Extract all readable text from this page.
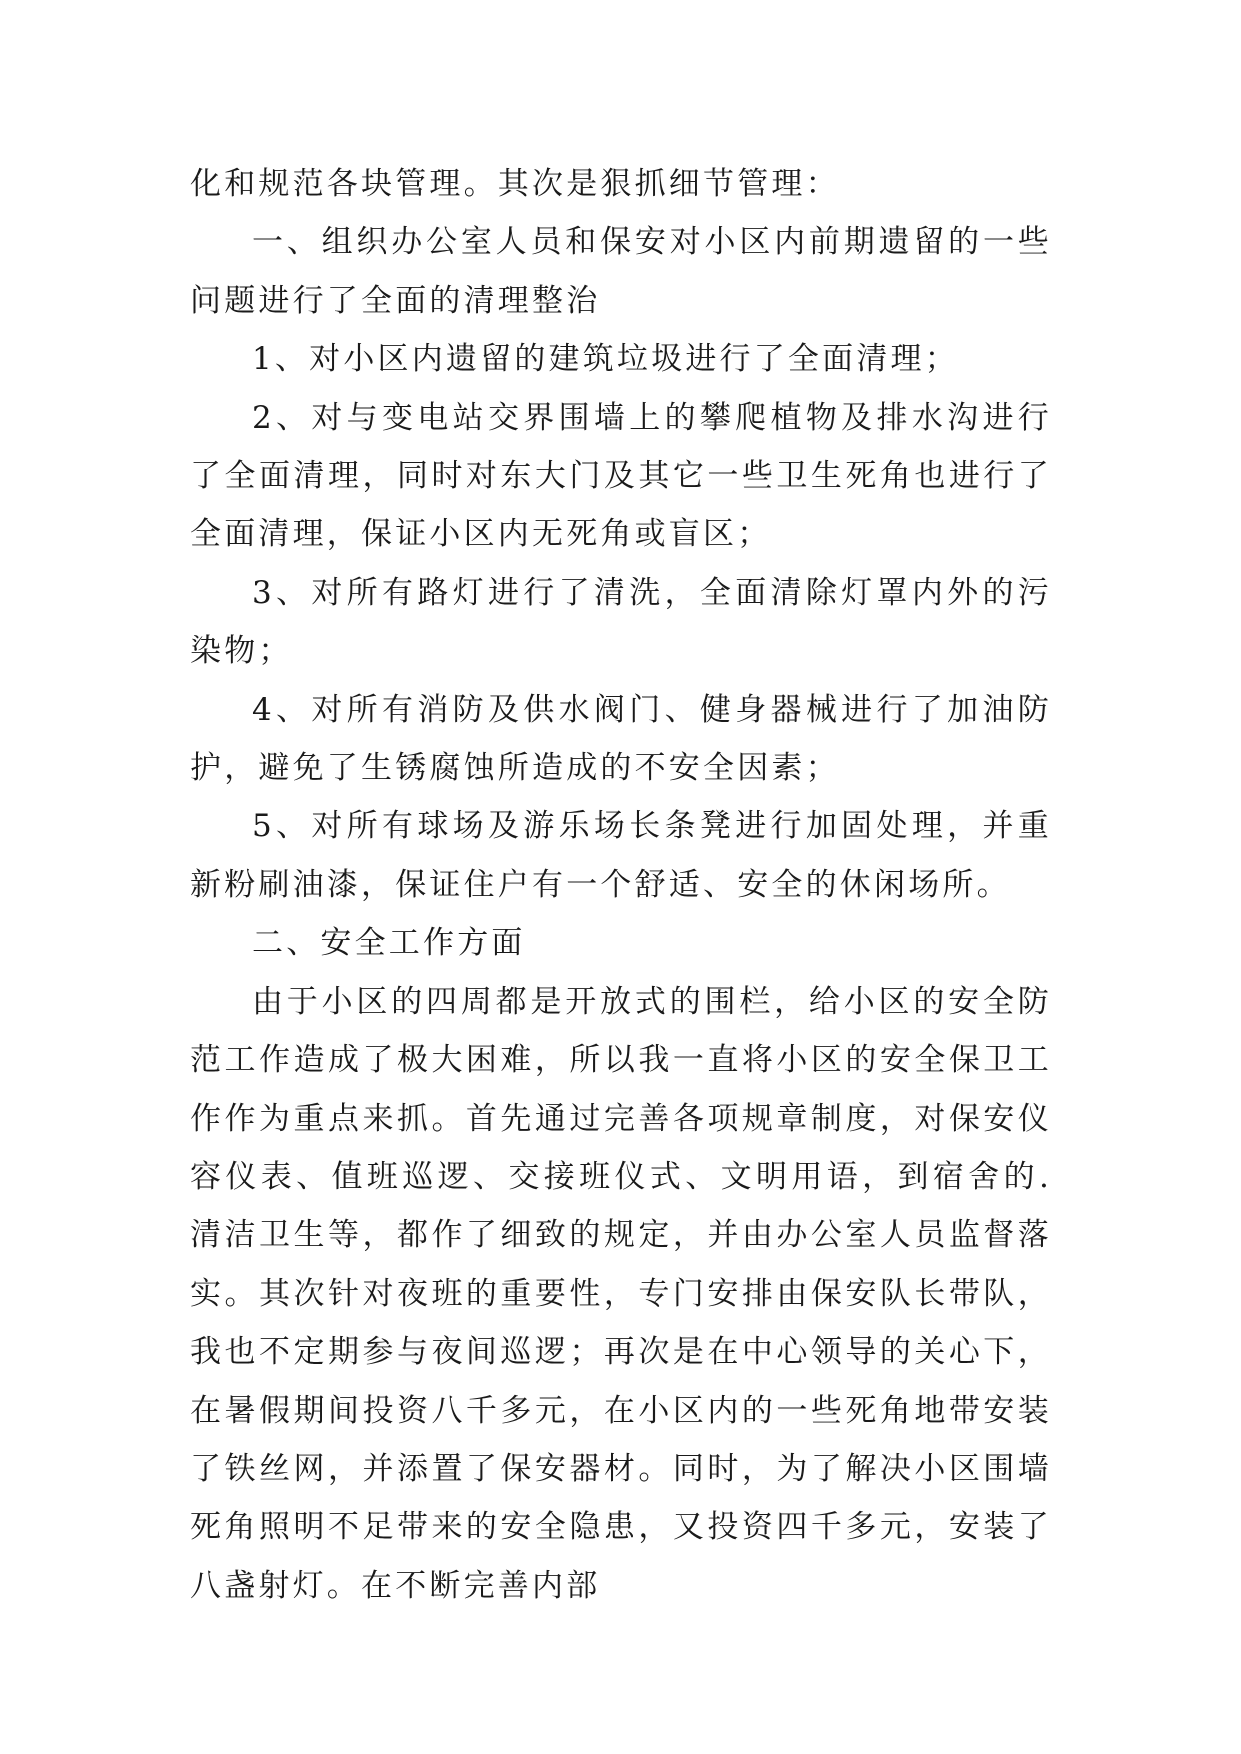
化和规范各块管理。其次是狠抓细节管理：

一、组织办公室人员和保安对小区内前期遗留的一些问题进行了全面的清理整治

1、对小区内遗留的建筑垃圾进行了全面清理；

2、对与变电站交界围墙上的攀爬植物及排水沟进行了全面清理，同时对东大门及其它一些卫生死角也进行了全面清理，保证小区内无死角或盲区；

3、对所有路灯进行了清洗，全面清除灯罩内外的污染物；

4、对所有消防及供水阀门、健身器械进行了加油防护，避免了生锈腐蚀所造成的不安全因素；

5、对所有球场及游乐场长条凳进行加固处理，并重新粉刷油漆，保证住户有一个舒适、安全的休闲场所。

二、安全工作方面

由于小区的四周都是开放式的围栏，给小区的安全防范工作造成了极大困难，所以我一直将小区的安全保卫工作作为重点来抓。首先通过完善各项规章制度，对保安仪容仪表、值班巡逻、交接班仪式、文明用语，到宿舍的.清洁卫生等，都作了细致的规定，并由办公室人员监督落实。其次针对夜班的重要性，专门安排由保安队长带队，我也不定期参与夜间巡逻；再次是在中心领导的关心下，在暑假期间投资八千多元，在小区内的一些死角地带安装了铁丝网，并添置了保安器材。同时，为了解决小区围墙死角照明不足带来的安全隐患，又投资四千多元，安装了八盏射灯。在不断完善内部
